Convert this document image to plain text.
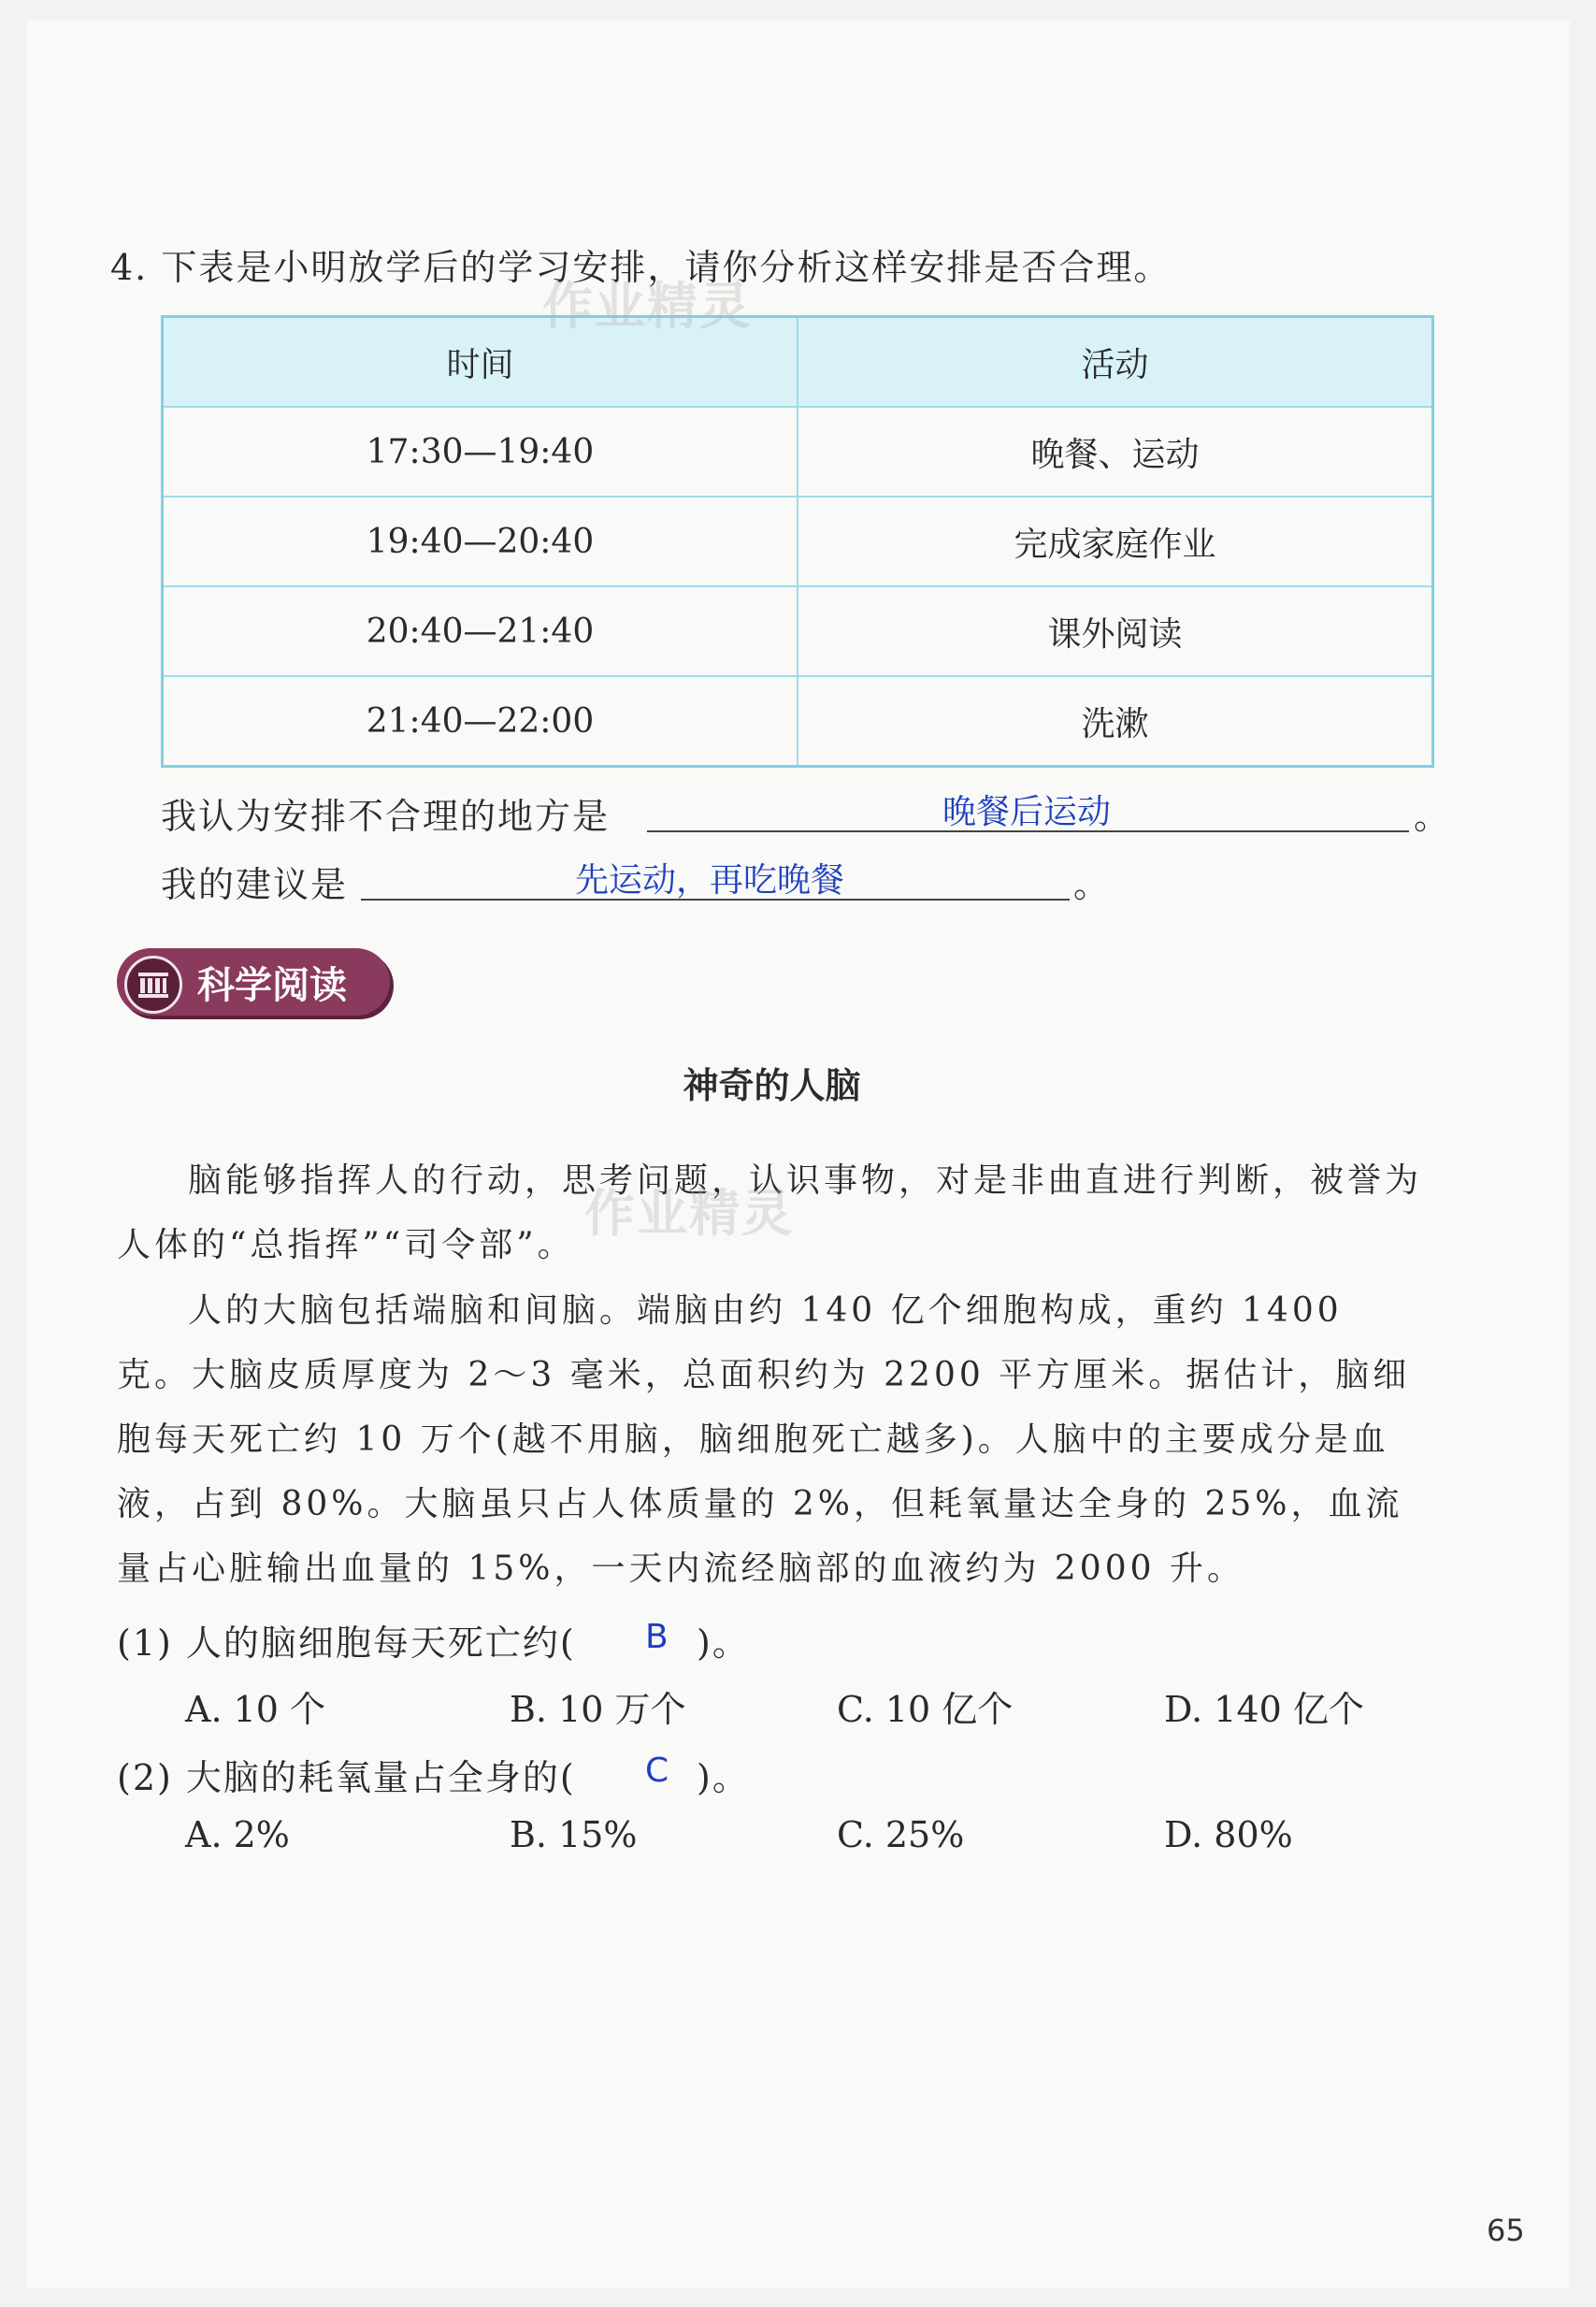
4. 下表是小明放学后的学习安排，请你分析这样安排是否合理。
时间	活动
17:30—19:40	晚餐、运动
19:40—20:40	完成家庭作业
20:40—21:40	课外阅读
21:40—22:00	洗漱
我认为安排不合理的地方是	晚餐后运动	。
我的建议是	先运动，再吃晚餐	。
科学阅读
神奇的人脑
脑能够指挥人的行动，思考问题，认识事物，对是非曲直进行判断，被誉为人体的“总指挥”“司令部”。
人的大脑包括端脑和间脑。端脑由约 140 亿个细胞构成，重约 1400 克。大脑皮质厚度为 2～3 毫米，总面积约为 2200 平方厘米。据估计，脑细胞每天死亡约 10 万个(越不用脑，脑细胞死亡越多)。人脑中的主要成分是血液，占到 80%。大脑虽只占人体质量的 2%，但耗氧量达全身的 25%，血流量占心脏输出血量的 15%，一天内流经脑部的血液约为 2000 升。
(1) 人的脑细胞每天死亡约( B )。
A. 10 个	B. 10 万个	C. 10 亿个	D. 140 亿个
(2) 大脑的耗氧量占全身的( C )。
A. 2%	B. 15%	C. 25%	D. 80%
65
作业精灵
作业精灵
